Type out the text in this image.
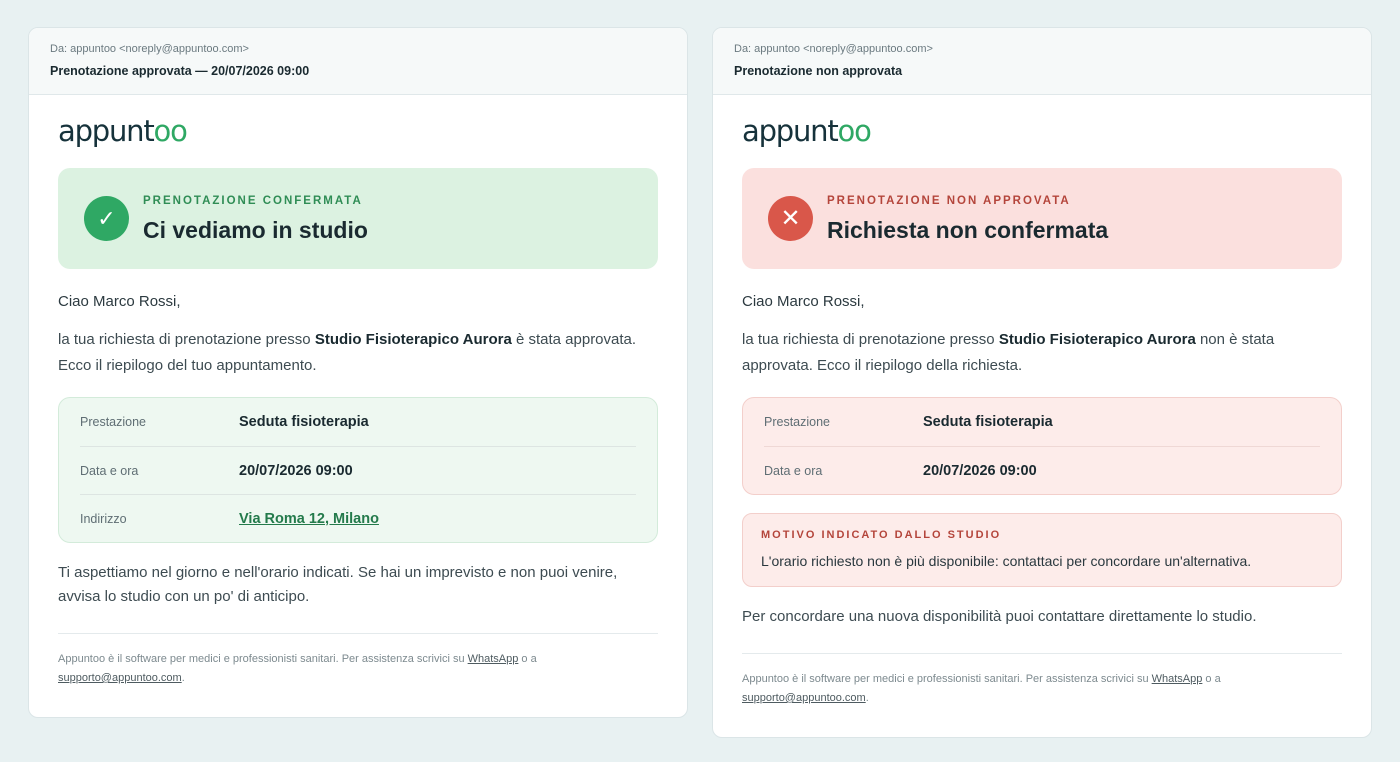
Da: appuntoo <noreply@appuntoo.com>
Prenotazione approvata — 20/07/2026 09:00
appuntoo
✓
PRENOTAZIONE CONFERMATA
Ci vediamo in studio
Ciao Marco Rossi,
la tua richiesta di prenotazione presso Studio Fisioterapico Aurora è stata approvata. Ecco il riepilogo del tuo appuntamento.
Prestazione	Seduta fisioterapia
Data e ora	20/07/2026 09:00
Indirizzo	Via Roma 12, Milano
Ti aspettiamo nel giorno e nell'orario indicati. Se hai un imprevisto e non puoi venire, avvisa lo studio con un po' di anticipo.
Appuntoo è il software per medici e professionisti sanitari. Per assistenza scrivici su WhatsApp o a
supporto@appuntoo.com.
Da: appuntoo <noreply@appuntoo.com>
Prenotazione non approvata
appuntoo
✕
PRENOTAZIONE NON APPROVATA
Richiesta non confermata
Ciao Marco Rossi,
la tua richiesta di prenotazione presso Studio Fisioterapico Aurora non è stata approvata. Ecco il riepilogo della richiesta.
Prestazione	Seduta fisioterapia
Data e ora	20/07/2026 09:00
MOTIVO INDICATO DALLO STUDIO
L'orario richiesto non è più disponibile: contattaci per concordare un'alternativa.
Per concordare una nuova disponibilità puoi contattare direttamente lo studio.
Appuntoo è il software per medici e professionisti sanitari. Per assistenza scrivici su WhatsApp o a
supporto@appuntoo.com.
